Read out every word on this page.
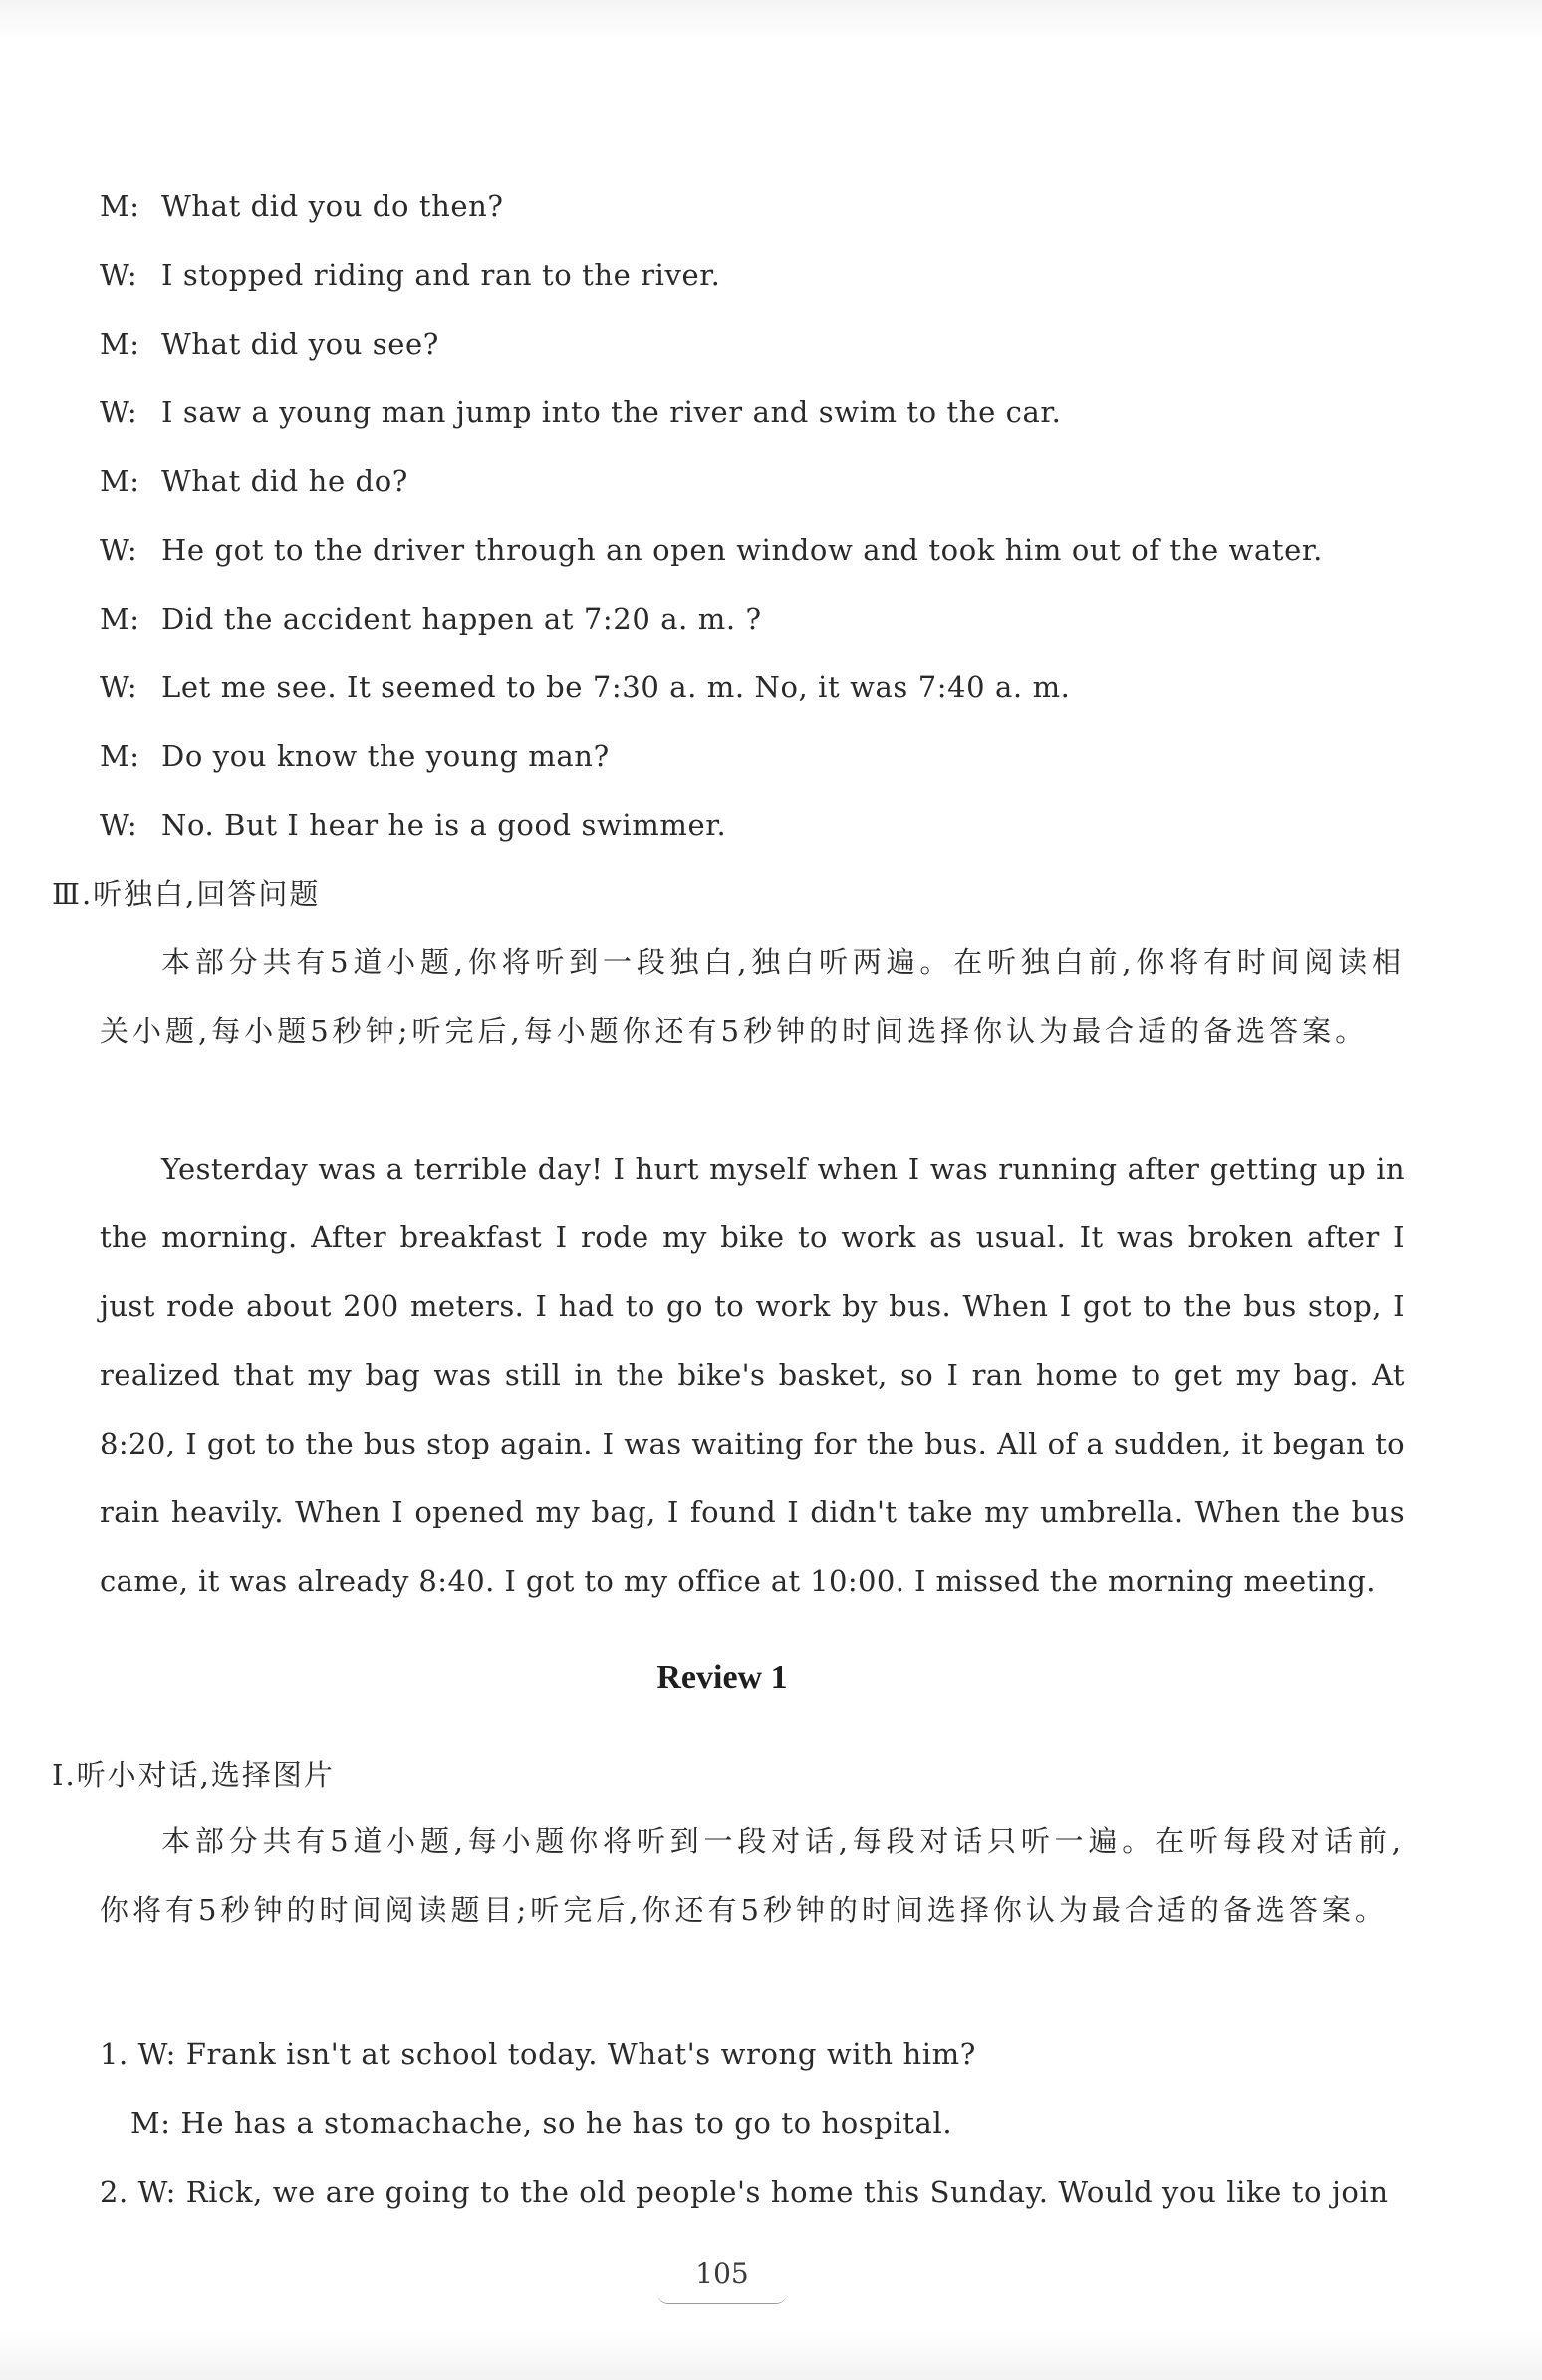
M: What did you do then?
W: I stopped riding and ran to the river.
M: What did you see?
W: I saw a young man jump into the river and swim to the car.
M: What did he do?
W: He got to the driver through an open window and took him out of the water.
M: Did the accident happen at 7:20 a. m. ?
W: Let me see. It seemed to be 7:30 a. m. No, it was 7:40 a. m.
M: Do you know the young man?
W: No. But I hear he is a good swimmer.
Ⅲ.听独白,回答问题

本部分共有5道小题,你将听到一段独白,独白听两遍。在听独白前,你将有时间阅读相关小题,每小题5秒钟;听完后,每小题你还有5秒钟的时间选择你认为最合适的备选答案。

Yesterday was a terrible day! I hurt myself when I was running after getting up in the morning. After breakfast I rode my bike to work as usual. It was broken after I just rode about 200 meters. I had to go to work by bus. When I got to the bus stop, I realized that my bag was still in the bike's basket, so I ran home to get my bag. At 8:20, I got to the bus stop again. I was waiting for the bus. All of a sudden, it began to rain heavily. When I opened my bag, I found I didn't take my umbrella. When the bus came, it was already 8:40. I got to my office at 10:00. I missed the morning meeting.

Review 1
Ⅰ.听小对话,选择图片

本部分共有5道小题,每小题你将听到一段对话,每段对话只听一遍。在听每段对话前,你将有5秒钟的时间阅读题目;听完后,你还有5秒钟的时间选择你认为最合适的备选答案。

1. W: Frank isn't at school today. What's wrong with him?
M: He has a stomachache, so he has to go to hospital.
2. W: Rick, we are going to the old people's home this Sunday. Would you like to join
105
